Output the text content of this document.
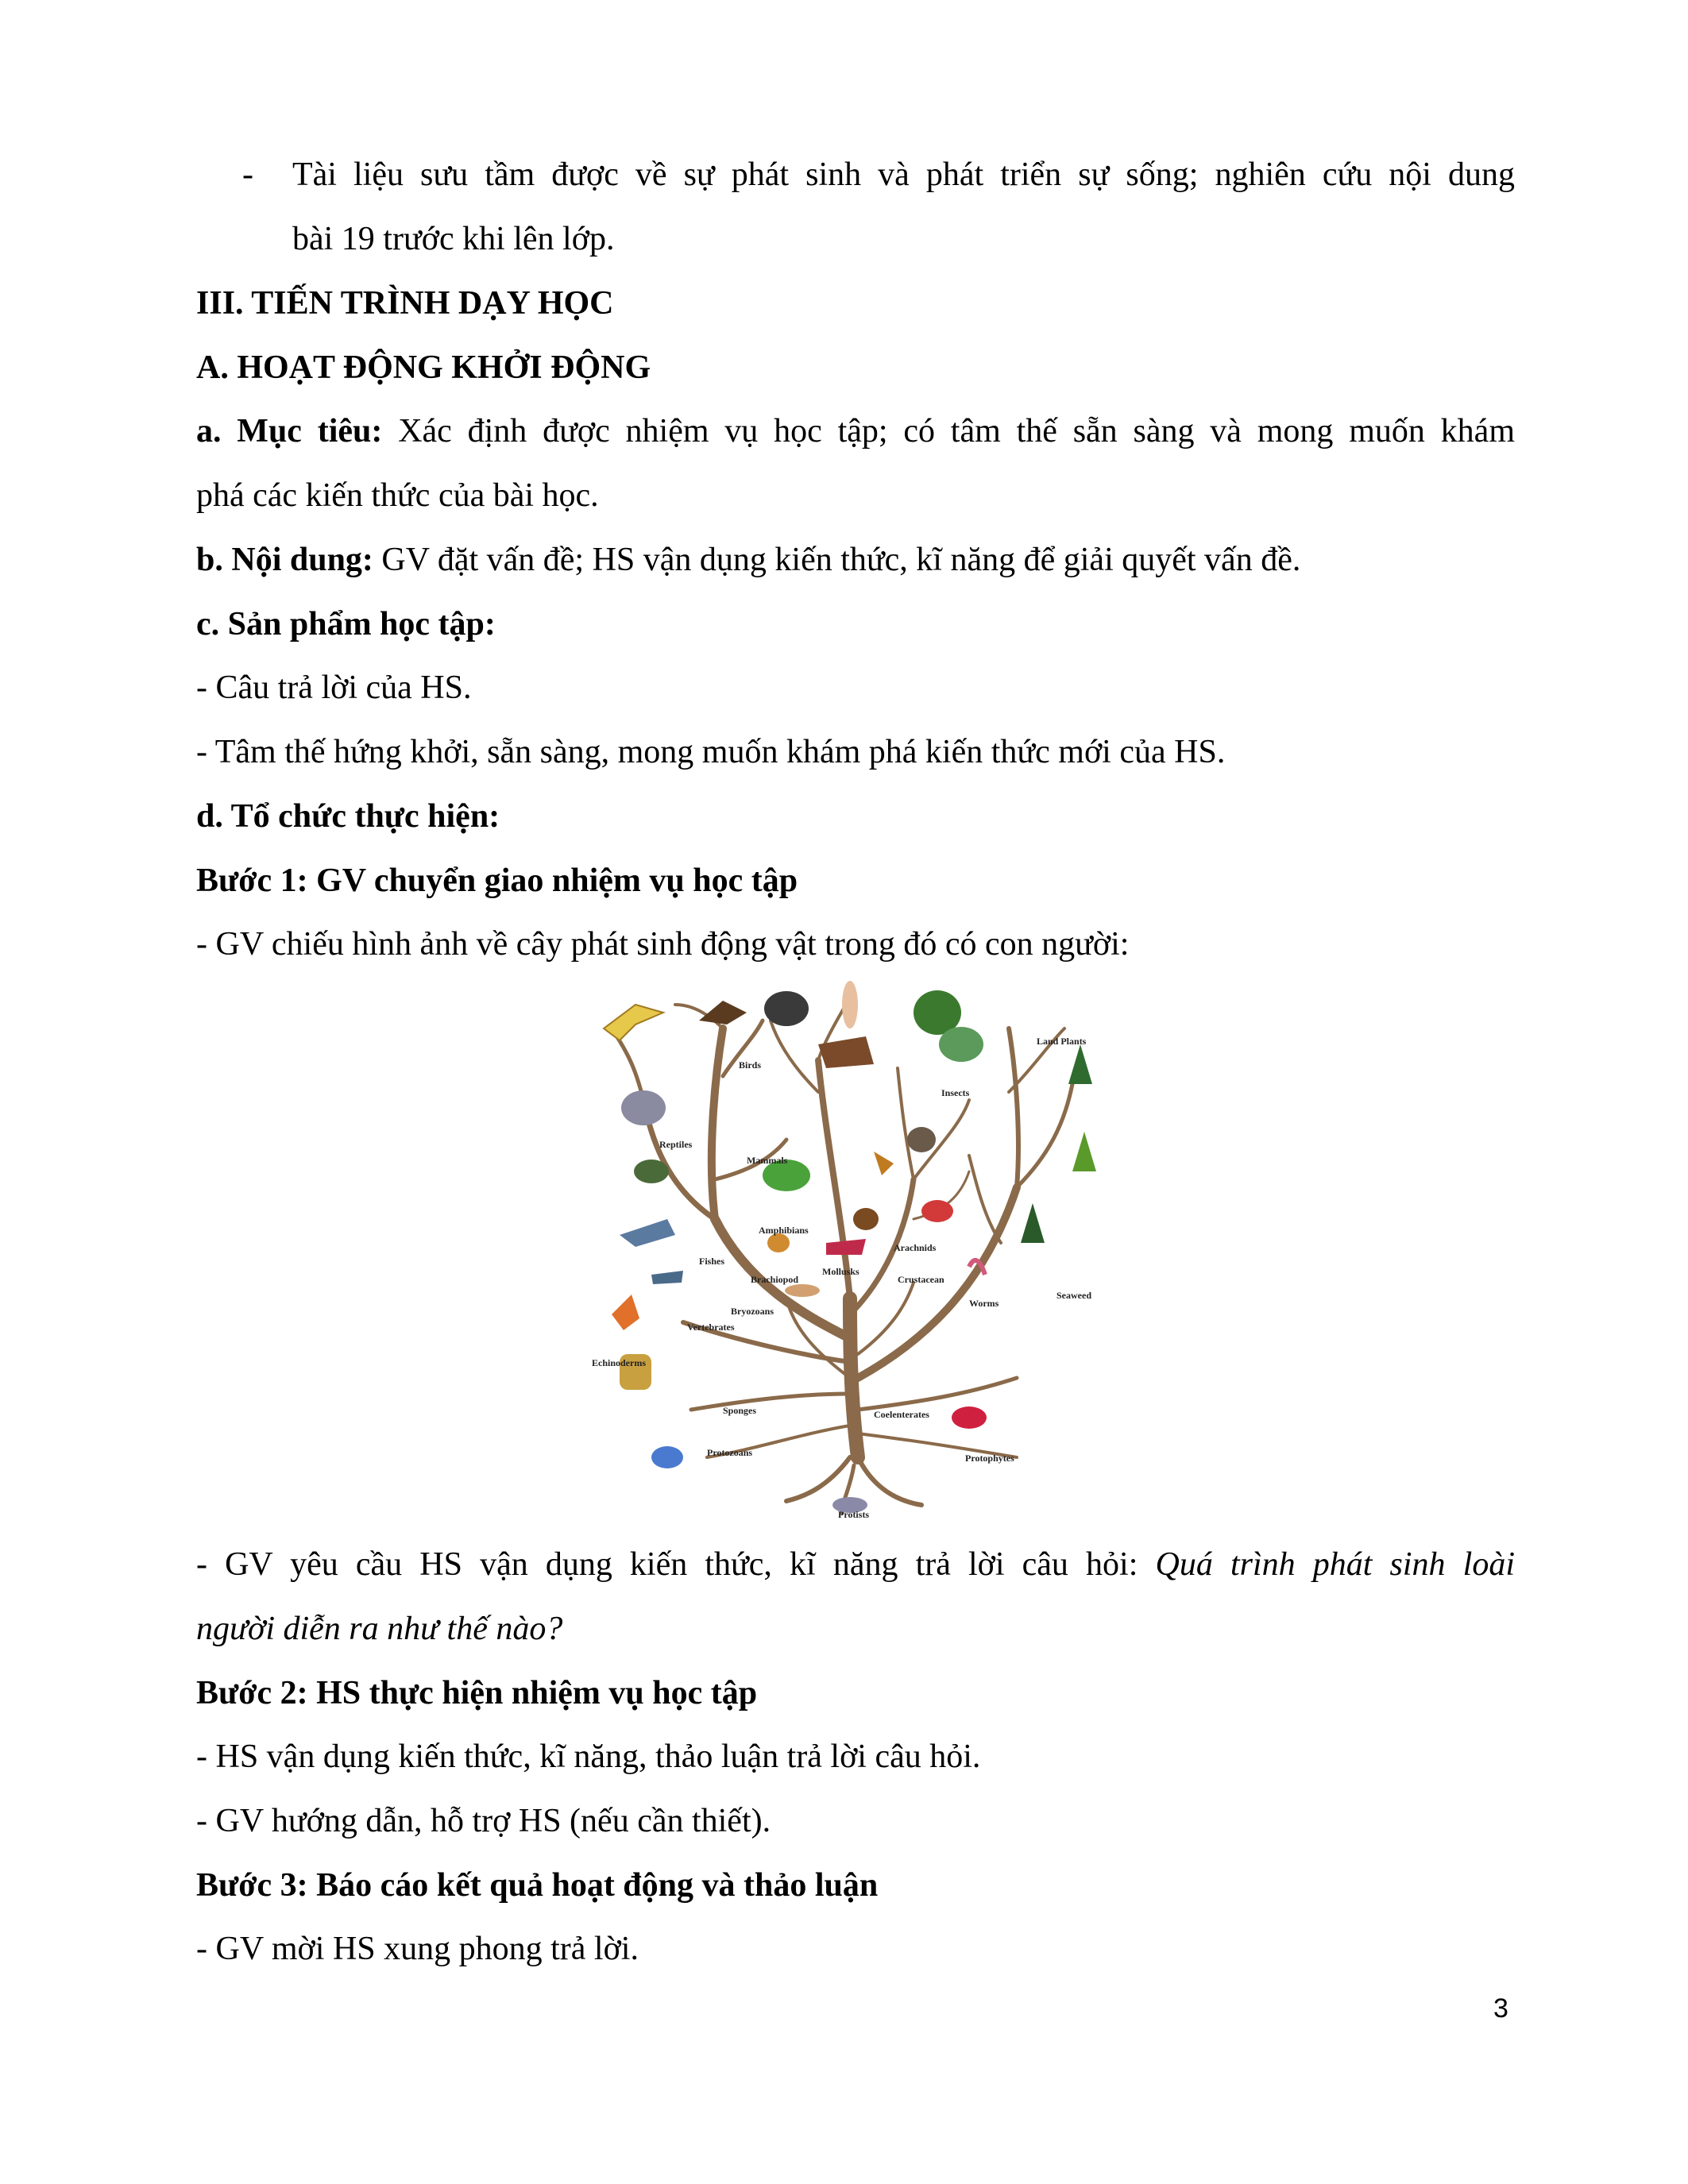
- Tài liệu sưu tầm được về sự phát sinh và phát triển sự sống; nghiên cứu nội dung
bài 19 trước khi lên lớp.
III. TIẾN TRÌNH DẠY HỌC
A. HOẠT ĐỘNG KHỞI ĐỘNG
a. Mục tiêu: Xác định được nhiệm vụ học tập; có tâm thế sẵn sàng và mong muốn khám
phá các kiến thức của bài học.
b. Nội dung: GV đặt vấn đề; HS vận dụng kiến thức, kĩ năng để giải quyết vấn đề.
c. Sản phẩm học tập:
- Câu trả lời của HS.
- Tâm thế hứng khởi, sẵn sàng, mong muốn khám phá kiến thức mới của HS.
d. Tổ chức thực hiện:
Bước 1: GV chuyển giao nhiệm vụ học tập
- GV chiếu hình ảnh về cây phát sinh động vật trong đó có con người:
Birds
Reptiles
Mammals
Insects
Land Plants
Amphibians
Arachnids
Fishes
Brachiopod
Mollusks
Crustacean
Worms
Seaweed
Bryozoans
Vertebrates
Echinoderms
Sponges	Coelenterates
Protozoans	Protophytes
Protists
- GV yêu cầu HS vận dụng kiến thức, kĩ năng trả lời câu hỏi: Quá trình phát sinh loài
người diễn ra như thế nào?
Bước 2: HS thực hiện nhiệm vụ học tập
- HS vận dụng kiến thức, kĩ năng, thảo luận trả lời câu hỏi.
- GV hướng dẫn, hỗ trợ HS (nếu cần thiết).
Bước 3: Báo cáo kết quả hoạt động và thảo luận
- GV mời HS xung phong trả lời.
3
